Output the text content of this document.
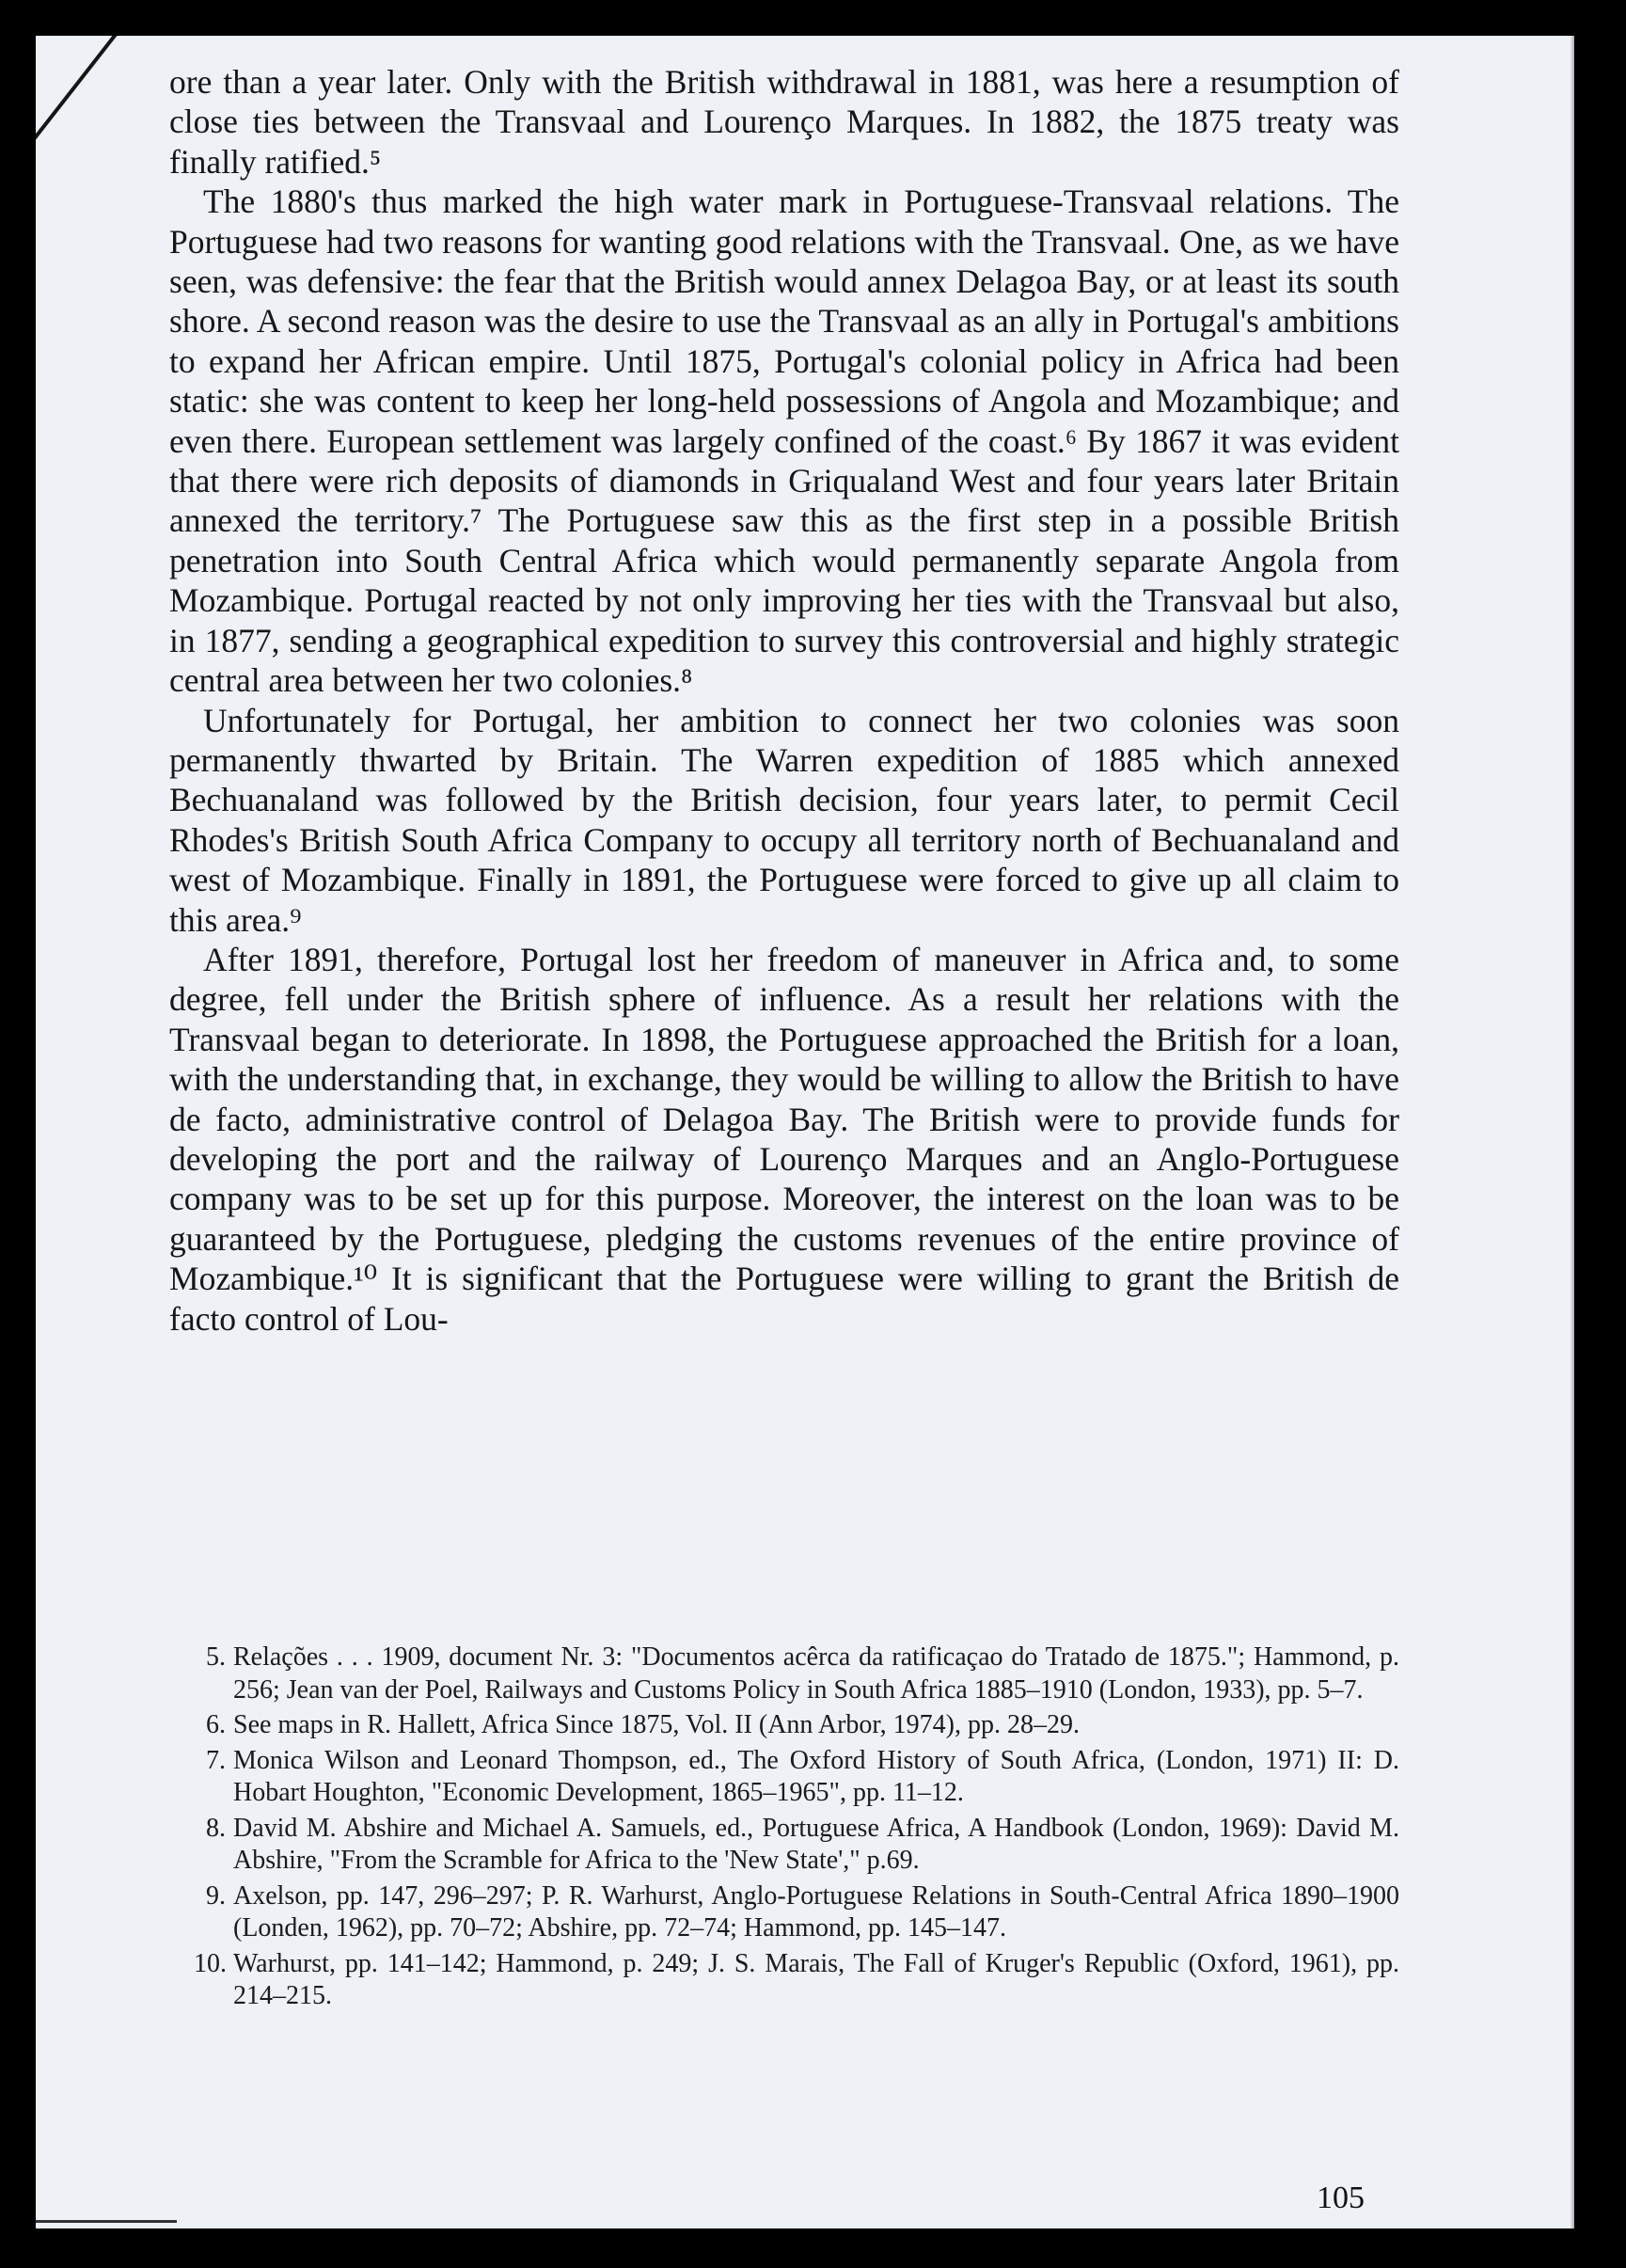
ore than a year later. Only with the British withdrawal in 1881, was here a resumption of close ties between the Transvaal and Lourenço Marques. In 1882, the 1875 treaty was finally ratified.⁵

The 1880's thus marked the high water mark in Portuguese-Transvaal relations. The Portuguese had two reasons for wanting good relations with the Transvaal. One, as we have seen, was defensive: the fear that the British would annex Delagoa Bay, or at least its south shore. A second reason was the desire to use the Transvaal as an ally in Portugal's ambitions to expand her African empire. Until 1875, Portugal's colonial policy in Africa had been static: she was content to keep her long-held possessions of Angola and Mozambique; and even there. European settlement was largely confined of the coast.⁶ By 1867 it was evident that there were rich deposits of diamonds in Griqualand West and four years later Britain annexed the territory.⁷ The Portuguese saw this as the first step in a possible British penetration into South Central Africa which would permanently separate Angola from Mozambique. Portugal reacted by not only improving her ties with the Transvaal but also, in 1877, sending a geographical expedition to survey this controversial and highly strategic central area between her two colonies.⁸

Unfortunately for Portugal, her ambition to connect her two colonies was soon permanently thwarted by Britain. The Warren expedition of 1885 which annexed Bechuanaland was followed by the British decision, four years later, to permit Cecil Rhodes's British South Africa Company to occupy all territory north of Bechuanaland and west of Mozambique. Finally in 1891, the Portuguese were forced to give up all claim to this area.⁹

After 1891, therefore, Portugal lost her freedom of maneuver in Africa and, to some degree, fell under the British sphere of influence. As a result her relations with the Transvaal began to deteriorate. In 1898, the Portuguese approached the British for a loan, with the understanding that, in exchange, they would be willing to allow the British to have de facto, administrative control of Delagoa Bay. The British were to provide funds for developing the port and the railway of Lourenço Marques and an Anglo-Portuguese company was to be set up for this purpose. Moreover, the interest on the loan was to be guaranteed by the Portuguese, pledging the customs revenues of the entire province of Mozambique.¹⁰ It is significant that the Portuguese were willing to grant the British de facto control of Lou-

5. Relações . . . 1909, document Nr. 3: "Documentos acêrca da ratificaçao do Tratado de 1875."; Hammond, p. 256; Jean van der Poel, Railways and Customs Policy in South Africa 1885–1910 (London, 1933), pp. 5–7.
6. See maps in R. Hallett, Africa Since 1875, Vol. II (Ann Arbor, 1974), pp. 28–29.
7. Monica Wilson and Leonard Thompson, ed., The Oxford History of South Africa, (London, 1971) II: D. Hobart Houghton, "Economic Development, 1865–1965", pp. 11–12.
8. David M. Abshire and Michael A. Samuels, ed., Portuguese Africa, A Handbook (London, 1969): David M. Abshire, "From the Scramble for Africa to the 'New State'," p.69.
9. Axelson, pp. 147, 296–297; P. R. Warhurst, Anglo-Portuguese Relations in South-Central Africa 1890–1900 (Londen, 1962), pp. 70–72; Abshire, pp. 72–74; Hammond, pp. 145–147.
10. Warhurst, pp. 141–142; Hammond, p. 249; J. S. Marais, The Fall of Kruger's Republic (Oxford, 1961), pp. 214–215.
105
